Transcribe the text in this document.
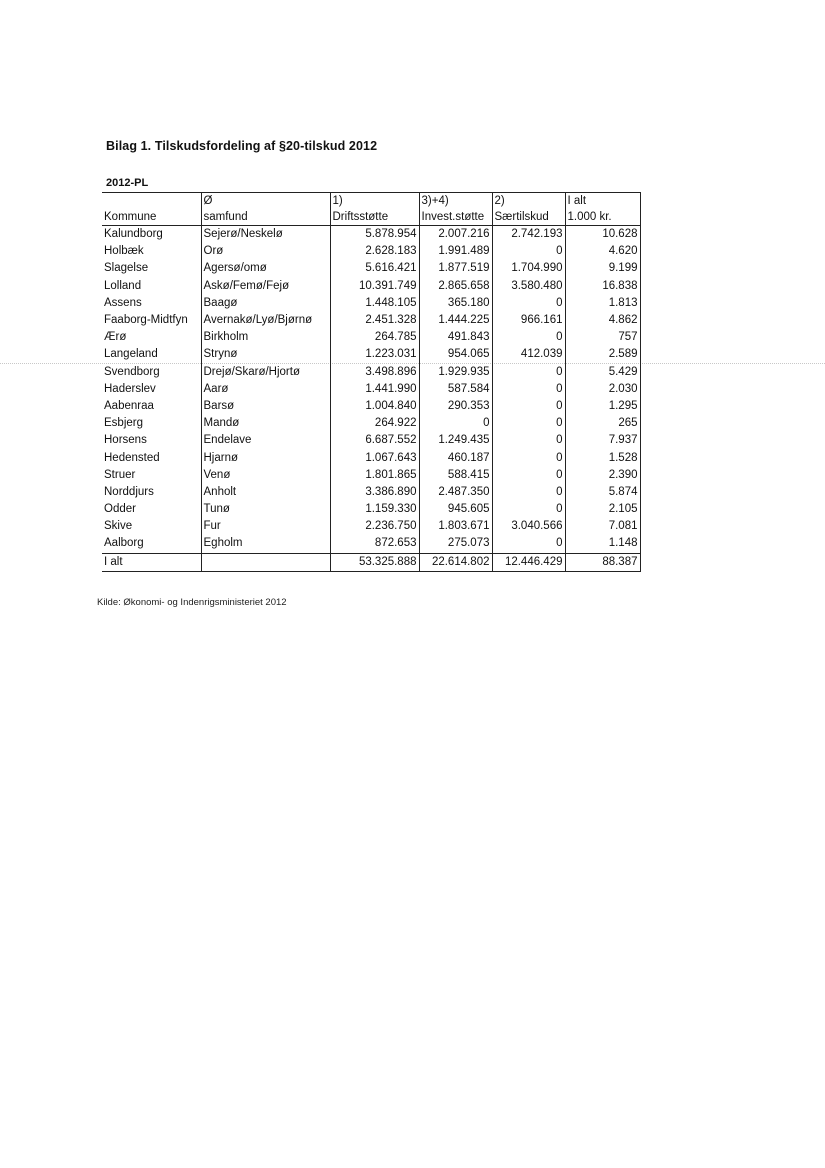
Bilag 1. Tilskudsfordeling af §20-tilskud 2012
2012-PL
	Ø	1)	3)+4)	2)	I alt
Kommune	samfund	Driftsstøtte	Invest.støtte	Særtilskud	1.000 kr.
Kalundborg	Sejerø/Neskelø	5.878.954	2.007.216	2.742.193	10.628
Holbæk	Orø	2.628.183	1.991.489	0	4.620
Slagelse	Agersø/omø	5.616.421	1.877.519	1.704.990	9.199
Lolland	Askø/Femø/Fejø	10.391.749	2.865.658	3.580.480	16.838
Assens	Baagø	1.448.105	365.180	0	1.813
Faaborg-Midtfyn	Avernakø/Lyø/Bjørnø	2.451.328	1.444.225	966.161	4.862
Ærø	Birkholm	264.785	491.843	0	757
Langeland	Strynø	1.223.031	954.065	412.039	2.589
Svendborg	Drejø/Skarø/Hjortø	3.498.896	1.929.935	0	5.429
Haderslev	Aarø	1.441.990	587.584	0	2.030
Aabenraa	Barsø	1.004.840	290.353	0	1.295
Esbjerg	Mandø	264.922	0	0	265
Horsens	Endelave	6.687.552	1.249.435	0	7.937
Hedensted	Hjarnø	1.067.643	460.187	0	1.528
Struer	Venø	1.801.865	588.415	0	2.390
Norddjurs	Anholt	3.386.890	2.487.350	0	5.874
Odder	Tunø	1.159.330	945.605	0	2.105
Skive	Fur	2.236.750	1.803.671	3.040.566	7.081
Aalborg	Egholm	872.653	275.073	0	1.148
I alt		53.325.888	22.614.802	12.446.429	88.387
Kilde: Økonomi- og Indenrigsministeriet 2012
